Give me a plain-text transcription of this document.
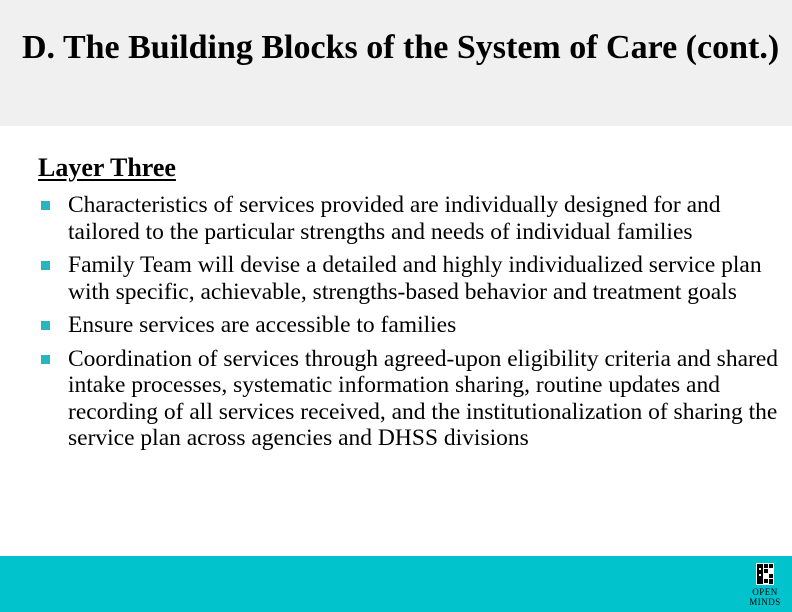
D. The Building Blocks of the System of Care (cont.)
Layer Three
Characteristics of services provided are individually designed for and tailored to the particular strengths and needs of individual families
Family Team will devise a detailed and highly individualized service plan with specific, achievable, strengths-based behavior and treatment goals
Ensure services are accessible to families
Coordination of services through agreed-upon eligibility criteria and shared intake processes, systematic information sharing, routine updates and recording of all services received, and the institutionalization of sharing the service plan across agencies and DHSS divisions
OPEN
MINDS
